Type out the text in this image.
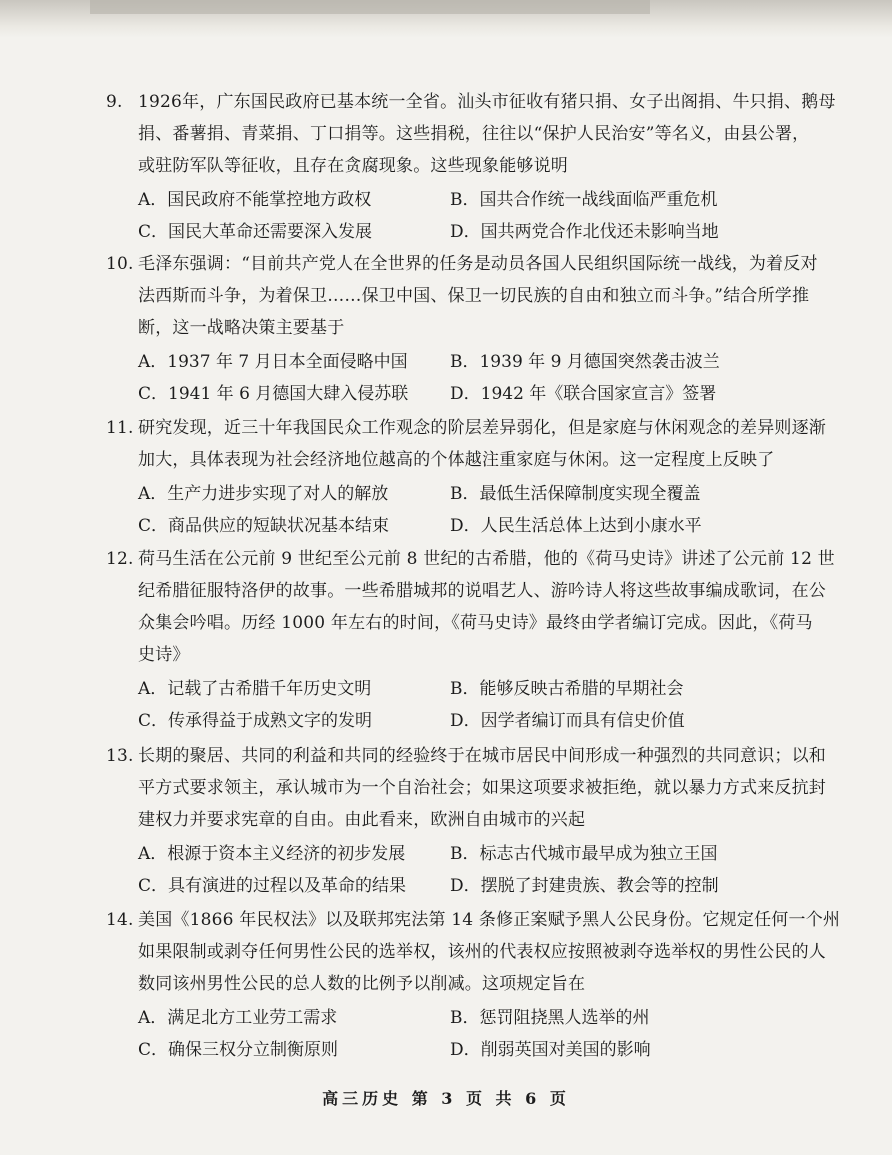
9. 1926年，广东国民政府已基本统一全省。汕头市征收有猪只捐、女子出阁捐、牛只捐、鹅母
捐、番薯捐、青菜捐、丁口捐等。这些捐税，往往以“保护人民治安”等名义，由县公署，
或驻防军队等征收，且存在贪腐现象。这些现象能够说明
A．国民政府不能掌控地方政权	B．国共合作统一战线面临严重危机
C．国民大革命还需要深入发展	D．国共两党合作北伐还未影响当地
10. 毛泽东强调：“目前共产党人在全世界的任务是动员各国人民组织国际统一战线，为着反对
法西斯而斗争，为着保卫……保卫中国、保卫一切民族的自由和独立而斗争。”结合所学推
断，这一战略决策主要基于
A．1937 年 7 月日本全面侵略中国	B．1939 年 9 月德国突然袭击波兰
C．1941 年 6 月德国大肆入侵苏联	D．1942 年《联合国家宣言》签署
11. 研究发现，近三十年我国民众工作观念的阶层差异弱化，但是家庭与休闲观念的差异则逐渐
加大，具体表现为社会经济地位越高的个体越注重家庭与休闲。这一定程度上反映了
A．生产力进步实现了对人的解放	B．最低生活保障制度实现全覆盖
C．商品供应的短缺状况基本结束	D．人民生活总体上达到小康水平
12. 荷马生活在公元前 9 世纪至公元前 8 世纪的古希腊，他的《荷马史诗》讲述了公元前 12 世
纪希腊征服特洛伊的故事。一些希腊城邦的说唱艺人、游吟诗人将这些故事编成歌词，在公
众集会吟唱。历经 1000 年左右的时间，《荷马史诗》最终由学者编订完成。因此，《荷马
史诗》
A．记载了古希腊千年历史文明	B．能够反映古希腊的早期社会
C．传承得益于成熟文字的发明	D．因学者编订而具有信史价值
13. 长期的聚居、共同的利益和共同的经验终于在城市居民中间形成一种强烈的共同意识；以和
平方式要求领主，承认城市为一个自治社会；如果这项要求被拒绝，就以暴力方式来反抗封
建权力并要求宪章的自由。由此看来，欧洲自由城市的兴起
A．根源于资本主义经济的初步发展	B．标志古代城市最早成为独立王国
C．具有演进的过程以及革命的结果	D．摆脱了封建贵族、教会等的控制
14. 美国《1866 年民权法》以及联邦宪法第 14 条修正案赋予黑人公民身份。它规定任何一个州
如果限制或剥夺任何男性公民的选举权，该州的代表权应按照被剥夺选举权的男性公民的人
数同该州男性公民的总人数的比例予以削减。这项规定旨在
A．满足北方工业劳工需求	B．惩罚阻挠黑人选举的州
C．确保三权分立制衡原则	D．削弱英国对美国的影响
高三历史 第 3 页 共 6 页
